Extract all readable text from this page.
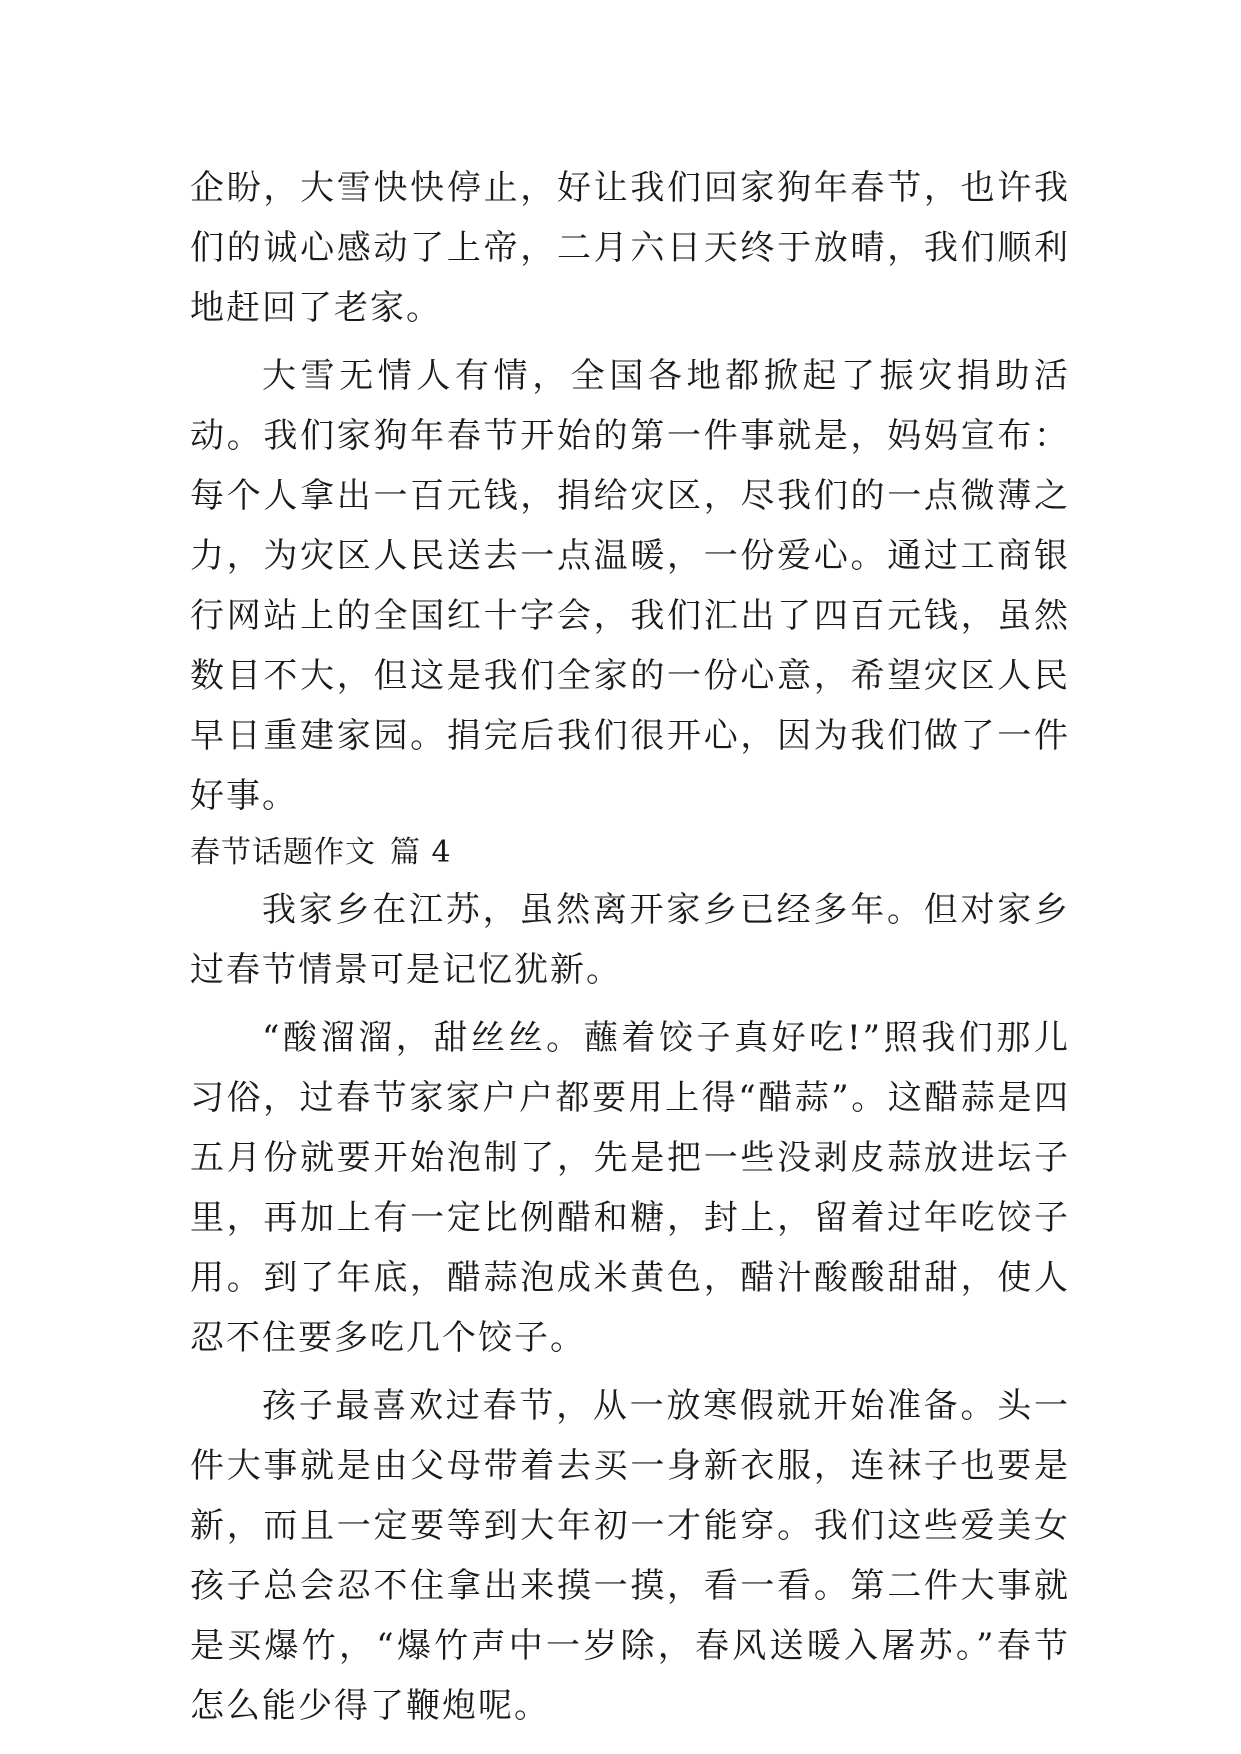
企盼，大雪快快停止，好让我们回家狗年春节，也许我们的诚心感动了上帝，二月六日天终于放晴，我们顺利地赶回了老家。

大雪无情人有情，全国各地都掀起了振灾捐助活动。我们家狗年春节开始的第一件事就是，妈妈宣布：每个人拿出一百元钱，捐给灾区，尽我们的一点微薄之力，为灾区人民送去一点温暖，一份爱心。通过工商银行网站上的全国红十字会，我们汇出了四百元钱，虽然数目不大，但这是我们全家的一份心意，希望灾区人民早日重建家园。捐完后我们很开心，因为我们做了一件好事。

春节话题作文 篇 4

我家乡在江苏，虽然离开家乡已经多年。但对家乡过春节情景可是记忆犹新。

“酸溜溜，甜丝丝。蘸着饺子真好吃!”照我们那儿习俗，过春节家家户户都要用上得“醋蒜”。这醋蒜是四五月份就要开始泡制了，先是把一些没剥皮蒜放进坛子里，再加上有一定比例醋和糖，封上，留着过年吃饺子用。到了年底，醋蒜泡成米黄色，醋汁酸酸甜甜，使人忍不住要多吃几个饺子。

孩子最喜欢过春节，从一放寒假就开始准备。头一件大事就是由父母带着去买一身新衣服，连袜子也要是新，而且一定要等到大年初一才能穿。我们这些爱美女孩子总会忍不住拿出来摸一摸，看一看。第二件大事就是买爆竹，“爆竹声中一岁除，春风送暖入屠苏。”春节怎么能少得了鞭炮呢。
